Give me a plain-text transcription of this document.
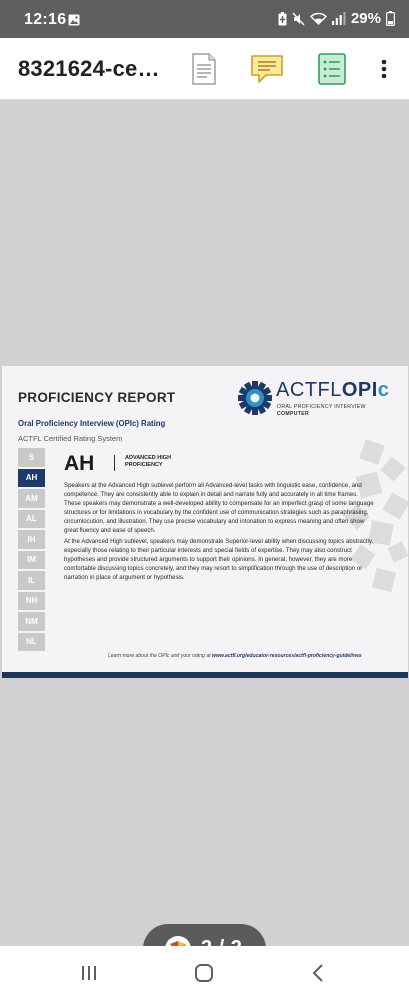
12:16	29%
8321624-ce…
PROFICIENCY REPORT
Oral Proficiency Interview (OPIc) Rating
ACTFL Certified Rating System
ACTFLOPIc
ORAL PROFICIENCY INTERVIEW
COMPUTER
S
AH
AM
AL
IH
IM
IL
NH
NM
NL
AH	ADVANCED HIGH
PROFICIENCY

Speakers at the Advanced High sublevel perform all Advanced-level tasks with linguistic ease, confidence, and competence. They are consistently able to explain in detail and narrate fully and accurately in all time frames. These speakers may demonstrate a well-developed ability to compensate for an imperfect grasp of some language structures or for limitations in vocabulary by the confident use of communication strategies such as paraphrasing, circumlocution, and illustration. They use precise vocabulary and intonation to express meaning and often show great fluency and ease of speech.

At the Advanced High sublevel, speakers may demonstrate Superior-level ability when discussing topics abstractly, especially those relating to their particular interests and special fields of expertise. They may also construct hypotheses and provide structured arguments to support their opinions. In general, however, they are more comfortable discussing topics concretely, and they may resort to simplification through the use of description or narration in place of argument or hypothesis.

Learn more about the OPIc and your rating at www.actfl.org/educator-resources/actfl-proficiency-guidelines
